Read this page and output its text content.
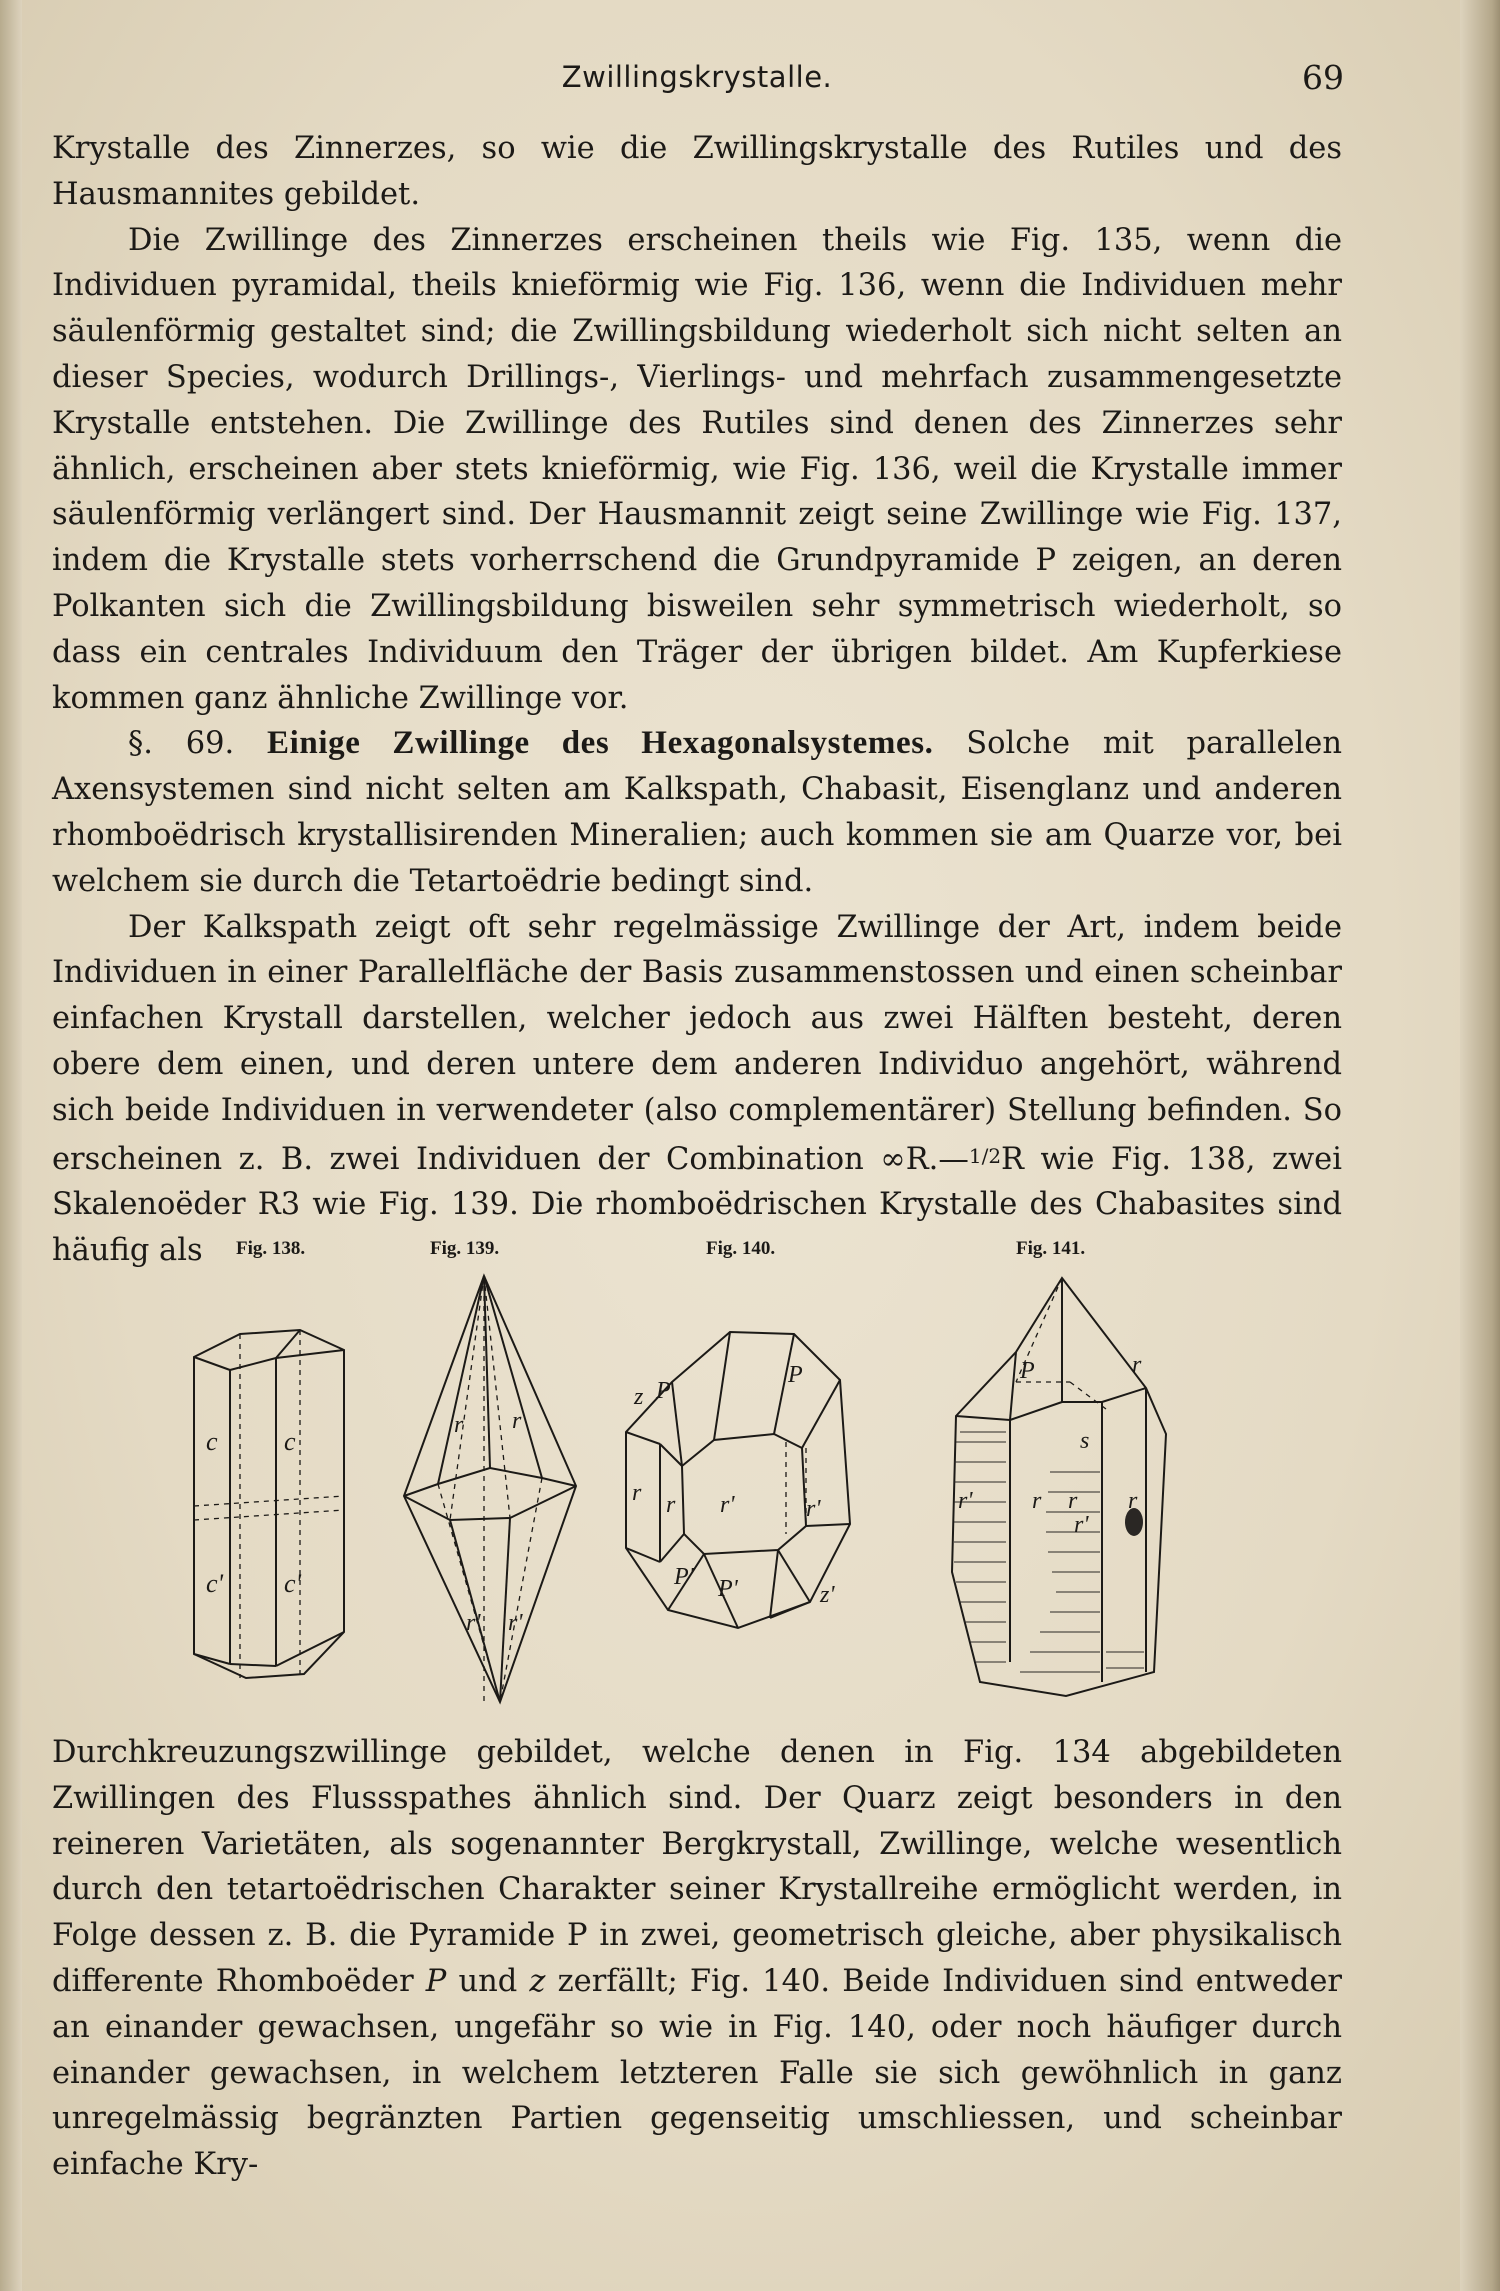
Zwillingskrystalle.	69

Krystalle des Zinnerzes, so wie die Zwillingskrystalle des Rutiles und des Hausmannites gebildet.

Die Zwillinge des Zinnerzes erscheinen theils wie Fig. 135, wenn die Individuen pyramidal, theils knieförmig wie Fig. 136, wenn die Individuen mehr säulenförmig gestaltet sind; die Zwillingsbildung wiederholt sich nicht selten an dieser Species, wodurch Drillings-, Vierlings- und mehrfach zusammengesetzte Krystalle entstehen. Die Zwillinge des Rutiles sind denen des Zinnerzes sehr ähnlich, erscheinen aber stets knieförmig, wie Fig. 136, weil die Krystalle immer säulenförmig verlängert sind. Der Hausmannit zeigt seine Zwillinge wie Fig. 137, indem die Krystalle stets vorherrschend die Grundpyramide P zeigen, an deren Polkanten sich die Zwillingsbildung bisweilen sehr symmetrisch wiederholt, so dass ein centrales Individuum den Träger der übrigen bildet. Am Kupferkiese kommen ganz ähnliche Zwillinge vor.

§. 69. Einige Zwillinge des Hexagonalsystemes. Solche mit parallelen Axensystemen sind nicht selten am Kalkspath, Chabasit, Eisenglanz und anderen rhomboëdrisch krystallisirenden Mineralien; auch kommen sie am Quarze vor, bei welchem sie durch die Tetartoëdrie bedingt sind.

Der Kalkspath zeigt oft sehr regelmässige Zwillinge der Art, indem beide Individuen in einer Parallelfläche der Basis zusammenstossen und einen scheinbar einfachen Krystall darstellen, welcher jedoch aus zwei Hälften besteht, deren obere dem einen, und deren untere dem anderen Individuo angehört, während sich beide Individuen in verwendeter (also complementärer) Stellung befinden. So erscheinen z. B. zwei Individuen der Combination ∞R.—1/2R wie Fig. 138, zwei Skalenoëder R3 wie Fig. 139. Die rhomboëdrischen Krystalle des Chabasites sind häufig als	Fig. 138.
c	c
c' c'
Fig. 139.
r r
r' r'
Fig. 140.
P
P
z
r r r'	r'
P'	z'
P'
Fig. 141.
P
s
r r
r'	r
r'
r

Durchkreuzungszwillinge gebildet, welche denen in Fig. 134 abgebildeten Zwillingen des Flussspathes ähnlich sind. Der Quarz zeigt besonders in den reineren Varietäten, als sogenannter Bergkrystall, Zwillinge, welche wesentlich durch den tetartoëdrischen Charakter seiner Krystallreihe ermöglicht werden, in Folge dessen z. B. die Pyramide P in zwei, geometrisch gleiche, aber physikalisch differente Rhomboëder P und z zerfällt; Fig. 140. Beide Individuen sind entweder an einander gewachsen, ungefähr so wie in Fig. 140, oder noch häufiger durch einander gewachsen, in welchem letzteren Falle sie sich gewöhnlich in ganz unregelmässig begränzten Partien gegenseitig umschliessen, und scheinbar einfache Kry-
